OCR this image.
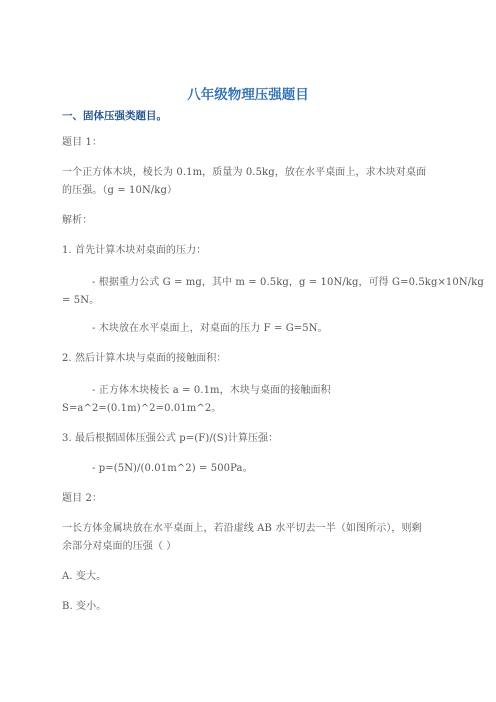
八年级物理压强题目
一、固体压强类题目。
题目 1：
一个正方体木块，棱长为 0.1m，质量为 0.5kg，放在水平桌面上，求木块对桌面
的压强。（g = 10N/kg）
解析：
1. 首先计算木块对桌面的压力：
- 根据重力公式 G = mg，其中 m = 0.5kg，g = 10N/kg，可得 G=0.5kg×10N/kg
= 5N。
- 木块放在水平桌面上，对桌面的压力 F = G=5N。
2. 然后计算木块与桌面的接触面积：
- 正方体木块棱长 a = 0.1m，木块与桌面的接触面积
S=a^2=(0.1m)^2=0.01m^2。
3. 最后根据固体压强公式 p=(F)/(S)计算压强：
- p=(5N)/(0.01m^2) = 500Pa。
题目 2：
一长方体金属块放在水平桌面上，若沿虚线 AB 水平切去一半（如图所示），则剩
余部分对桌面的压强（ ）
A. 变大。
B. 变小。
